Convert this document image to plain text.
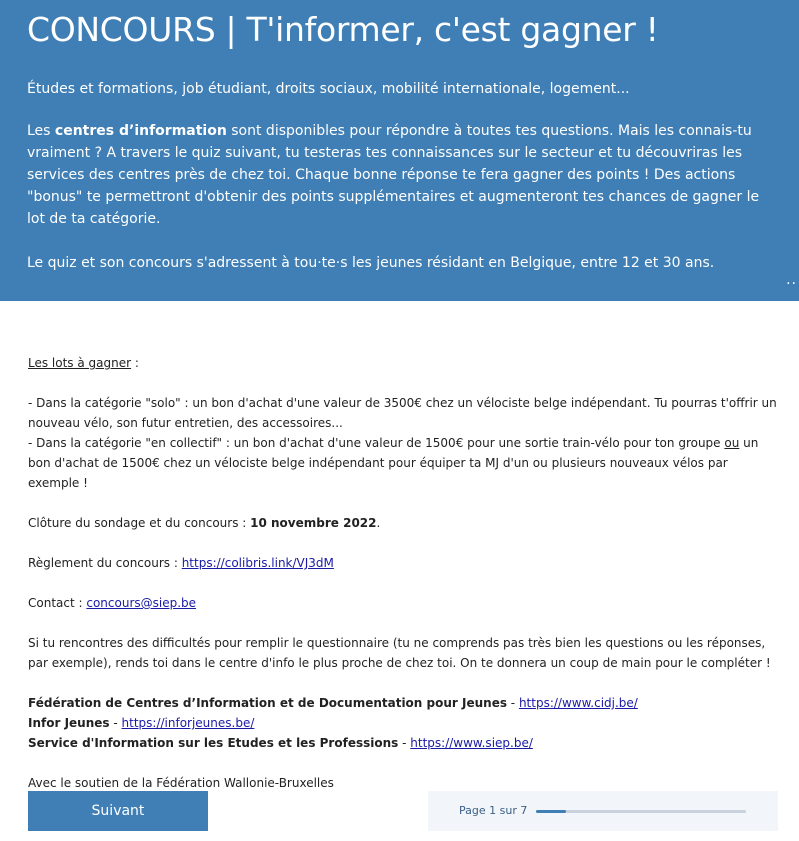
CONCOURS | T'informer, c'est gagner !

Études et formations, job étudiant, droits sociaux, mobilité internationale, logement...

Les centres d’information sont disponibles pour répondre à toutes tes questions. Mais les connais-tu vraiment ? A travers le quiz suivant, tu testeras tes connaissances sur le secteur et tu découvriras les services des centres près de chez toi. Chaque bonne réponse te fera gagner des points ! Des actions "bonus" te permettront d'obtenir des points supplémentaires et augmenteront tes chances de gagner le lot de ta catégorie.

Le quiz et son concours s'adressent à tou·te·s les jeunes résidant en Belgique, entre 12 et 30 ans.

..

Les lots à gagner :

- Dans la catégorie "solo" : un bon d'achat d'une valeur de 3500€ chez un vélociste belge indépendant. Tu pourras t'offrir un nouveau vélo, son futur entretien, des accessoires...

- Dans la catégorie "en collectif" : un bon d'achat d'une valeur de 1500€ pour une sortie train-vélo pour ton groupe ou un bon d'achat de 1500€ chez un vélociste belge indépendant pour équiper ta MJ d'un ou plusieurs nouveaux vélos par exemple !

Clôture du sondage et du concours : 10 novembre 2022.

Règlement du concours : https://colibris.link/VJ3dM

Contact : concours@siep.be

Si tu rencontres des difficultés pour remplir le questionnaire (tu ne comprends pas très bien les questions ou les réponses, par exemple), rends toi dans le centre d'info le plus proche de chez toi. On te donnera un coup de main pour le compléter !

Fédération de Centres d’Information et de Documentation pour Jeunes - https://www.cidj.be/

Infor Jeunes - https://inforjeunes.be/

Service d'Information sur les Etudes et les Professions - https://www.siep.be/

Avec le soutien de la Fédération Wallonie-Bruxelles

Suivant	Page 1 sur 7
